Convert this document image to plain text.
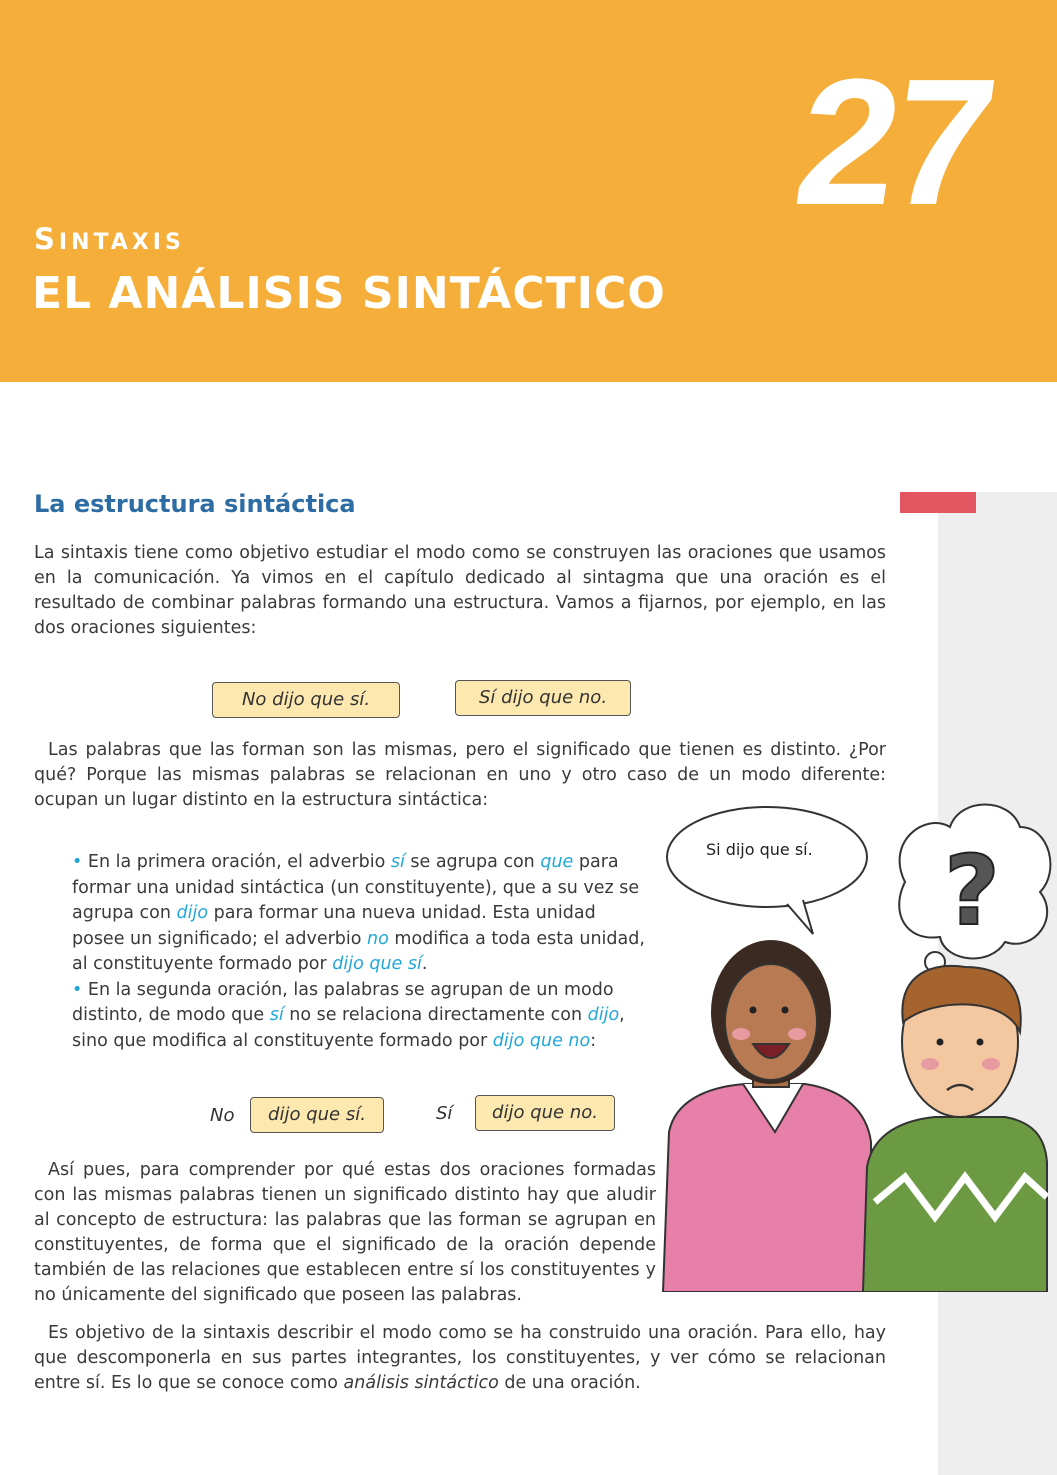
27
SINTAXIS
EL ANÁLISIS SINTÁCTICO
La estructura sintáctica

La sintaxis tiene como objetivo estudiar el modo como se construyen las oraciones que usamos en la comunicación. Ya vimos en el capítulo dedicado al sintagma que una oración es el resultado de combinar palabras formando una estructura. Vamos a fijarnos, por ejemplo, en las dos oraciones siguientes:

No dijo que sí.	Sí dijo que no.

Las palabras que las forman son las mismas, pero el significado que tienen es distinto. ¿Por qué? Porque las mismas palabras se relacionan en uno y otro caso de un modo diferente: ocupan un lugar distinto en la estructura sintáctica:

• En la primera oración, el adverbio sí se agrupa con que para formar una unidad sintáctica (un constituyente), que a su vez se agrupa con dijo para formar una nueva unidad. Esta unidad posee un significado; el adverbio no modifica a toda esta unidad, al constituyente formado por dijo que sí.

• En la segunda oración, las palabras se agrupan de un modo distinto, de modo que sí no se relaciona directamente con dijo, sino que modifica al constituyente formado por dijo que no:

No	dijo que sí.	Sí	dijo que no.

Así pues, para comprender por qué estas dos oraciones formadas con las mismas palabras tienen un significado distinto hay que aludir al concepto de estructura: las palabras que las forman se agrupan en constituyentes, de forma que el significado de la oración depende también de las relaciones que establecen entre sí los constituyentes y no únicamente del significado que poseen las palabras.

Es objetivo de la sintaxis describir el modo como se ha construido una oración. Para ello, hay que descomponerla en sus partes integrantes, los constituyentes, y ver cómo se relacionan entre sí. Es lo que se conoce como análisis sintáctico de una oración.

?
Si dijo que sí.
